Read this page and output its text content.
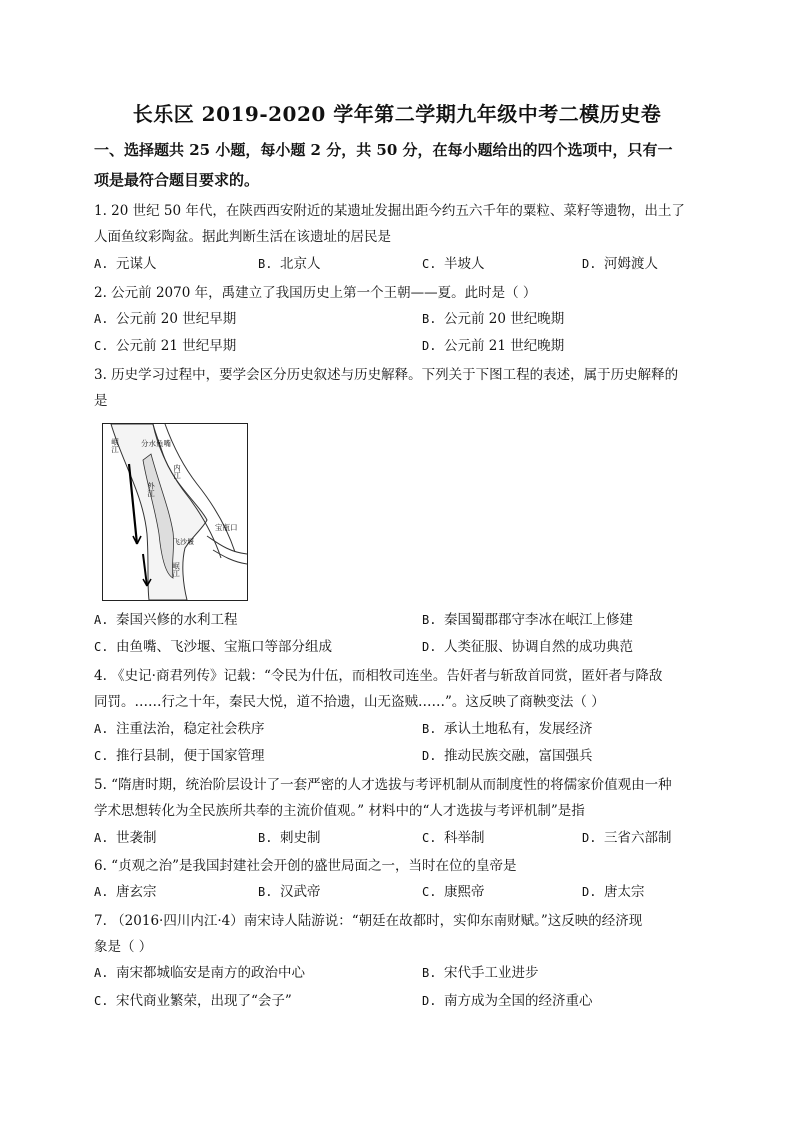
长乐区 2019-2020 学年第二学期九年级中考二模历史卷
一、选择题共 25 小题，每小题 2 分，共 50 分，在每小题给出的四个选项中，只有一
项是最符合题目要求的。
1. 20 世纪 50 年代，在陕西西安附近的某遗址发掘出距今约五六千年的粟粒、菜籽等遗物，出土了
人面鱼纹彩陶盆。据此判断生活在该遗址的居民是
A. 元谋人	B. 北京人	C. 半坡人	D. 河姆渡人
2. 公元前 2070 年，禹建立了我国历史上第一个王朝——夏。此时是（ ）
A. 公元前 20 世纪早期	B. 公元前 20 世纪晚期
C. 公元前 21 世纪早期	D. 公元前 21 世纪晚期
3. 历史学习过程中，要学会区分历史叙述与历史解释。下列关于下图工程的表述，属于历史解释的
是
岷江	分水鱼嘴
内江
外江
宝瓶口
飞沙堰
岷江
A. 秦国兴修的水利工程	B. 秦国蜀郡郡守李冰在岷江上修建
C. 由鱼嘴、飞沙堰、宝瓶口等部分组成	D. 人类征服、协调自然的成功典范
4. 《史记·商君列传》记载：“令民为什伍，而相牧司连坐。告奸者与斩敌首同赏，匿奸者与降敌
同罚。……行之十年，秦民大悦，道不拾遗，山无盗贼……”。这反映了商鞅变法（ ）
A. 注重法治，稳定社会秩序	B. 承认土地私有，发展经济
C. 推行县制，便于国家管理	D. 推动民族交融，富国强兵
5. “隋唐时期，统治阶层设计了一套严密的人才选拔与考评机制从而制度性的将儒家价值观由一种
学术思想转化为全民族所共奉的主流价值观。” 材料中的“人才选拔与考评机制”是指
A. 世袭制	B. 刺史制	C. 科举制	D. 三省六部制
6. “贞观之治”是我国封建社会开创的盛世局面之一，当时在位的皇帝是
A. 唐玄宗	B. 汉武帝	C. 康熙帝	D. 唐太宗
7. （2016·四川内江·4）南宋诗人陆游说：“朝廷在故都时，实仰东南财赋。”这反映的经济现
象是（ ）
A. 南宋都城临安是南方的政治中心	B. 宋代手工业进步
C. 宋代商业繁荣，出现了“会子”	D. 南方成为全国的经济重心
